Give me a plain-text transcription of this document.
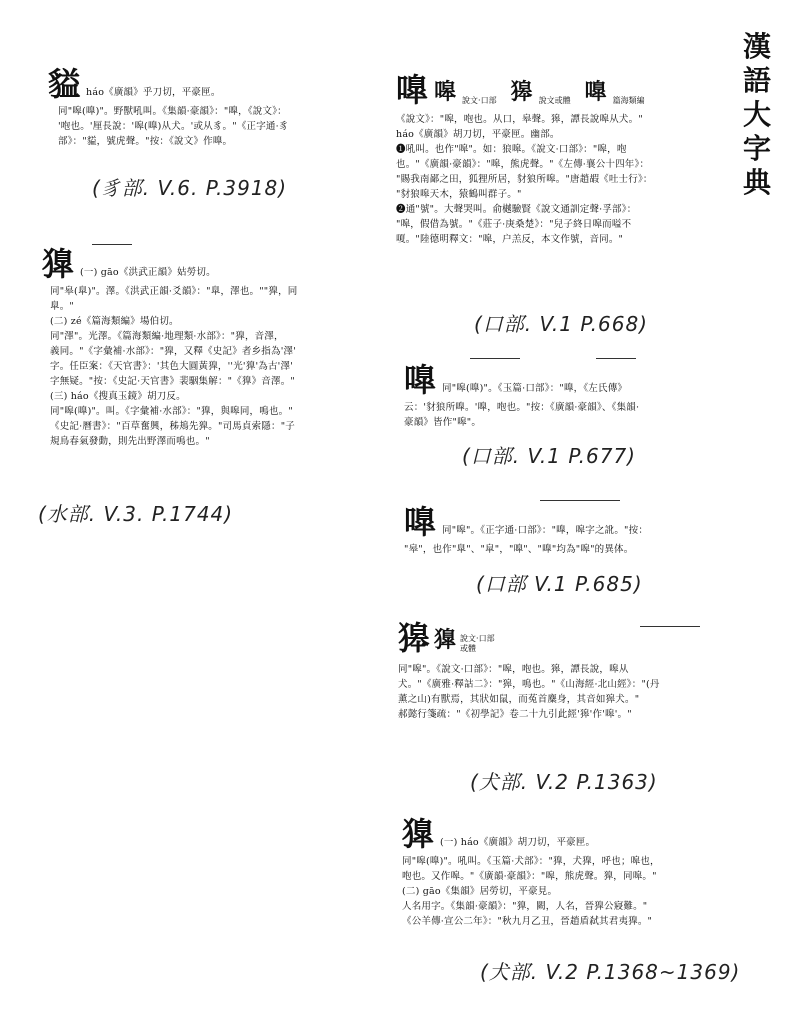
漢
語
大
字
典
貖 háo《廣韻》乎刀切，平豪匣。
同"嗥(嘷)"。野獸吼叫。《集韻·豪韻》："嘷，《說文》：
'咆也。'厘長說：'嗥(嘷)从犬。'或从豸。"《正字通·豸
部》："貖，號虎聲。"按：《說文》作嘷。
(豸部. V.6. P.3918)
獋 (一) gāo《洪武正韻》姑勞切。
同"皋(臯)"。澤。《洪武正韻·爻韻》："臯，澤也。""獋，同
臯。"
(二) zé《篇海類編》場伯切。
同"澤"。光澤。《篇海類編·地理類·水部》："獋，音澤，
義同。"《字彙補·水部》："獋，又釋《史記》者乡指為'澤'
字。任臣案：《天官書》：'其色大圓黃獋，''光'獋'為古'澤'
字無疑。"按：《史記·天官書》裴駰集解："《獋》音澤。"
(三) háo《搜真玉鏡》胡刀反。
同"嗥(嘷)"。叫。《字彙補·水部》："獋，與嗥同，鳴也。"
《史記·曆書》："百草奮興，秭鳺先獋。"司馬貞索隱："子
規鳥春氣發動，則先出野澤而鳴也。"
(水部. V.3. P.1744)
嘷 嗥 說文·口部 獆 說文或體 嘷 篇海類編
《說文》："嗥，咆也。从口，皋聲。獆，譚長說嗥从犬。"
háo《廣韻》胡刀切，平豪匣。幽部。
❶吼叫。也作"嗥"。如：狼嗥。《說文·口部》："嗥，咆
也。"《廣韻·豪韻》："嗥，熊虎聲。"《左傳·襄公十四年》：
"賜我南鄙之田，狐狸所居，豺狼所嗥。"唐趙嘏《吐士行》：
"豺狼嗥天木，猿鶴叫群子。"
❷通"號"。大聲哭叫。俞樾驗賢《說文通訓定聲·孚部》：
"嗥，假借為號。"《莊子·庚桑楚》："兒子終日嗥而嗌不
嗄。"陸德明釋文："嗥，户羔反，本文作號，音同。"
(口部. V.1 P.668)
嘷 同"嗥(嘷)"。《玉篇·口部》："嘷，《左氏傳》
云：'豺狼所嘷。'嘷，咆也。"按：《廣韻·豪韻》、《集韻·
豪韻》皆作"嗥"。
(口部. V.1 P.677)
嘷 同"嗥"。《正字通·口部》："嘷，嗥字之訛。"按：
"皋"，也作"臯"、"皐"，"嘷"、"嘷"均為"嗥"的異体。
(口部 V.1 P.685)
獆 獋 說文·口部 或體
同"嗥"。《說文·口部》："嗥，咆也。獆，譚長說，嗥从
犬。"《廣雅·釋詁二》："獆，鳴也。"《山海經·北山經》："(丹
薰之山)有獸焉，其狀如鼠，而菟首麋身，其音如獆犬。"
郝懿行箋疏："《初學記》卷二十九引此經'獆'作'嗥'。"
(犬部. V.2 P.1363)
獋 (一) háo《廣韻》胡刀切，平豪匣。
同"嗥(嘷)"。吼叫。《玉篇·犬部》："獋，犬獋，呼也；嗥也，
咆也。又作嗥。"《廣韻·豪韻》："嗥，熊虎聲。獋，同嗥。"
(二) gāo《集韻》居勞切，平豪見。
人名用字。《集韻·豪韻》："獋，闕，人名，晉獋公寢難。"
《公羊傳·宣公二年》："秋九月乙丑，晉趙盾弑其君夷獋。"
(犬部. V.2 P.1368~1369)
